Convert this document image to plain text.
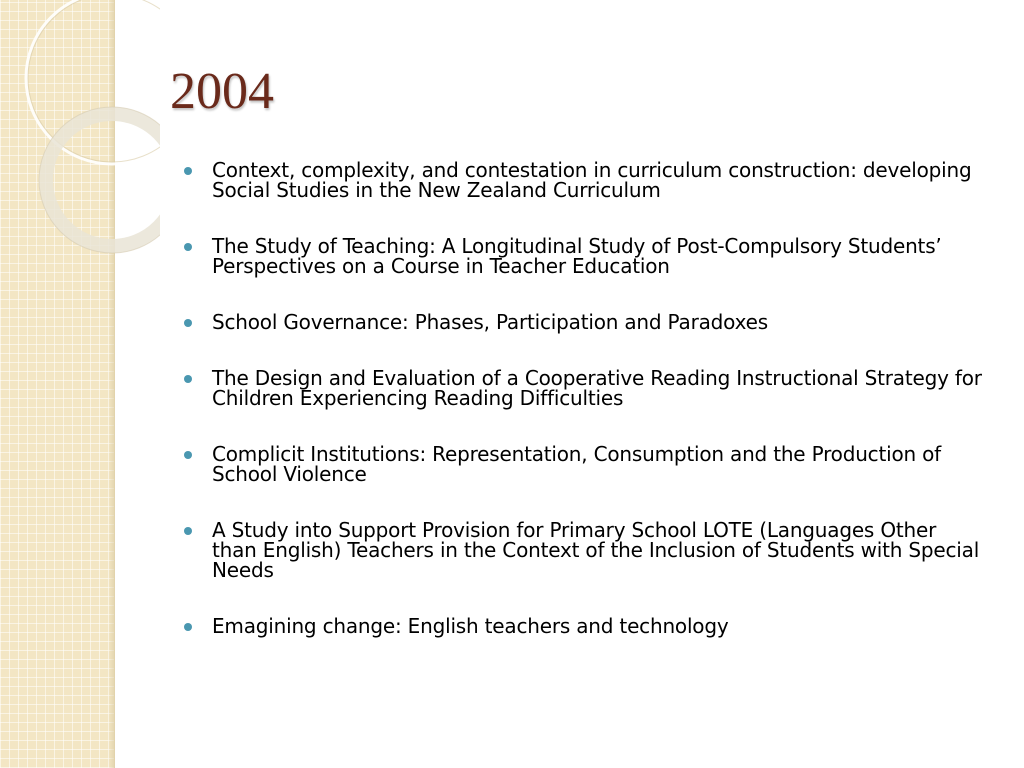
2004
Context, complexity, and contestation in curriculum construction: developing Social Studies in the New Zealand Curriculum
The Study of Teaching: A Longitudinal Study of Post-Compulsory Students’ Perspectives on a Course in Teacher Education
School Governance: Phases, Participation and Paradoxes
The Design and Evaluation of a Cooperative Reading Instructional Strategy for Children Experiencing Reading Difficulties
Complicit Institutions: Representation, Consumption and the Production of School Violence
A Study into Support Provision for Primary School LOTE (Languages Other than English) Teachers in the Context of the Inclusion of Students with Special Needs
Emagining change: English teachers and technology
